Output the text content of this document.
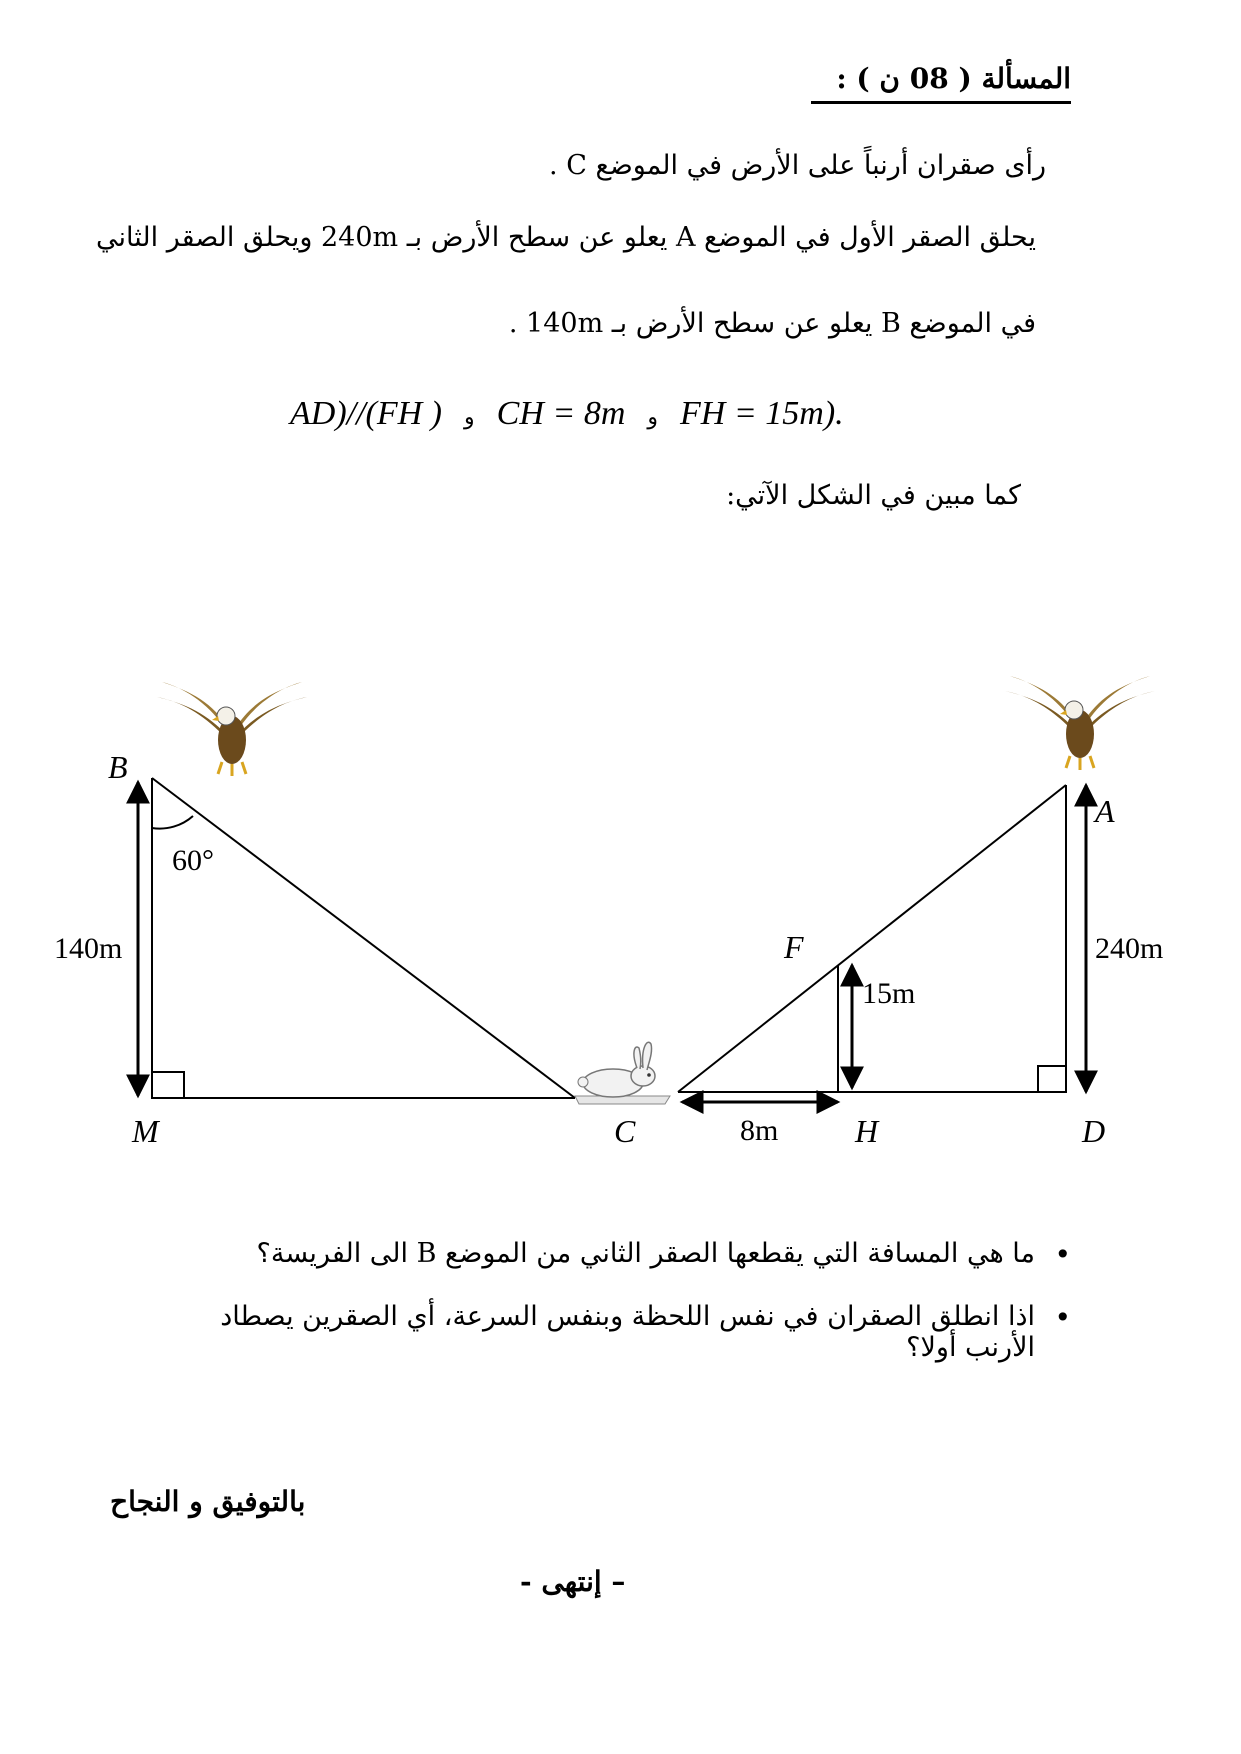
المسألة ( 08 ن ) :
رأى صقران أرنباً على الأرض في الموضع C .
يحلق الصقر الأول في الموضع A يعلو عن سطح الأرض بـ 240m ويحلق الصقر الثاني
في الموضع B يعلو عن سطح الأرض بـ 140m .
AD)//(FH ) و CH = 8m و FH = 15m).
كما مبين في الشكل الآتي:
B
A
M	C	H	D
F
60°
140m	240m
15m
8m
• ما هي المسافة التي يقطعها الصقر الثاني من الموضع B الى الفريسة؟
• اذا انطلق الصقران في نفس اللحظة وبنفس السرعة، أي الصقرين يصطاد الأرنب أولا؟
بالتوفيق و النجاح
– إنتهى -
